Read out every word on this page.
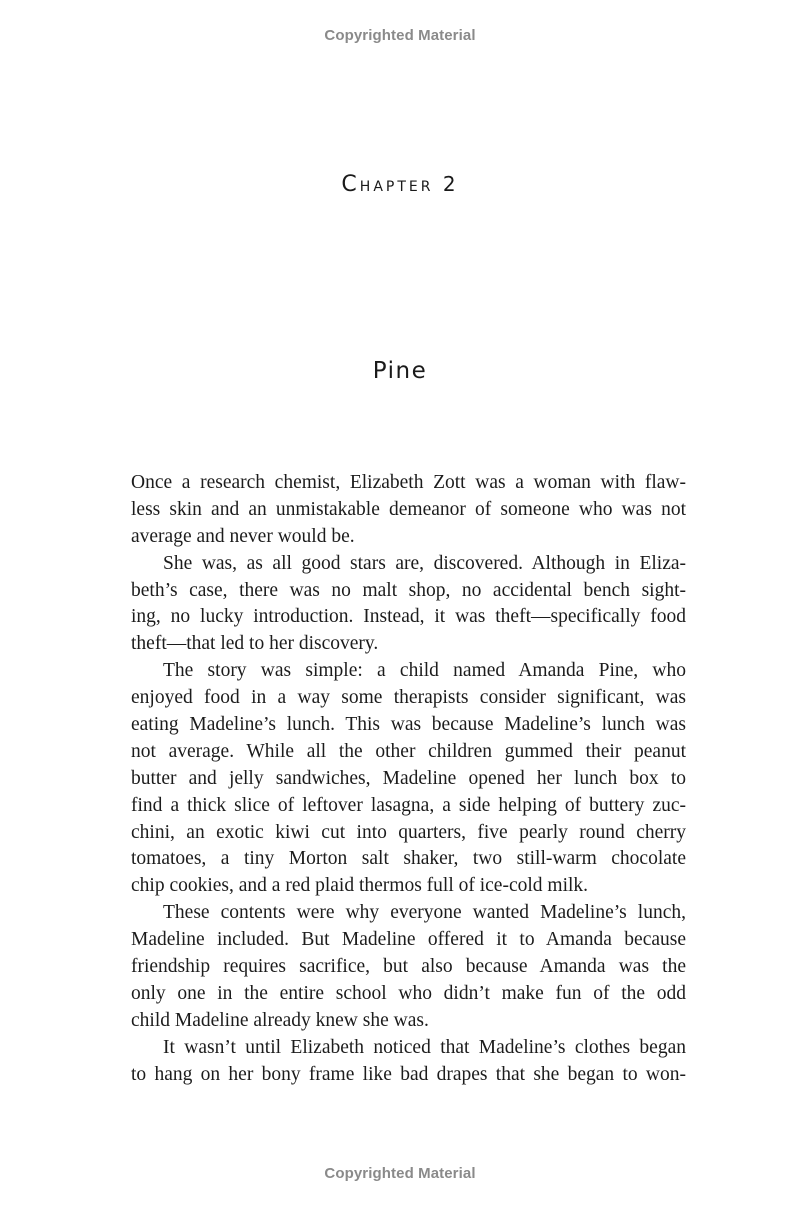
Copyrighted Material
Chapter 2
Pine
Once a research chemist, Elizabeth Zott was a woman with flaw-
less skin and an unmistakable demeanor of someone who was not
average and never would be.
She was, as all good stars are, discovered. Although in Eliza-
beth’s case, there was no malt shop, no accidental bench sight-
ing, no lucky introduction. Instead, it was theft—specifically food
theft—that led to her discovery.
The story was simple: a child named Amanda Pine, who
enjoyed food in a way some therapists consider significant, was
eating Madeline’s lunch. This was because Madeline’s lunch was
not average. While all the other children gummed their peanut
butter and jelly sandwiches, Madeline opened her lunch box to
find a thick slice of leftover lasagna, a side helping of buttery zuc-
chini, an exotic kiwi cut into quarters, five pearly round cherry
tomatoes, a tiny Morton salt shaker, two still-warm chocolate
chip cookies, and a red plaid thermos full of ice-cold milk.
These contents were why everyone wanted Madeline’s lunch,
Madeline included. But Madeline offered it to Amanda because
friendship requires sacrifice, but also because Amanda was the
only one in the entire school who didn’t make fun of the odd
child Madeline already knew she was.
It wasn’t until Elizabeth noticed that Madeline’s clothes began
to hang on her bony frame like bad drapes that she began to won-
Copyrighted Material
